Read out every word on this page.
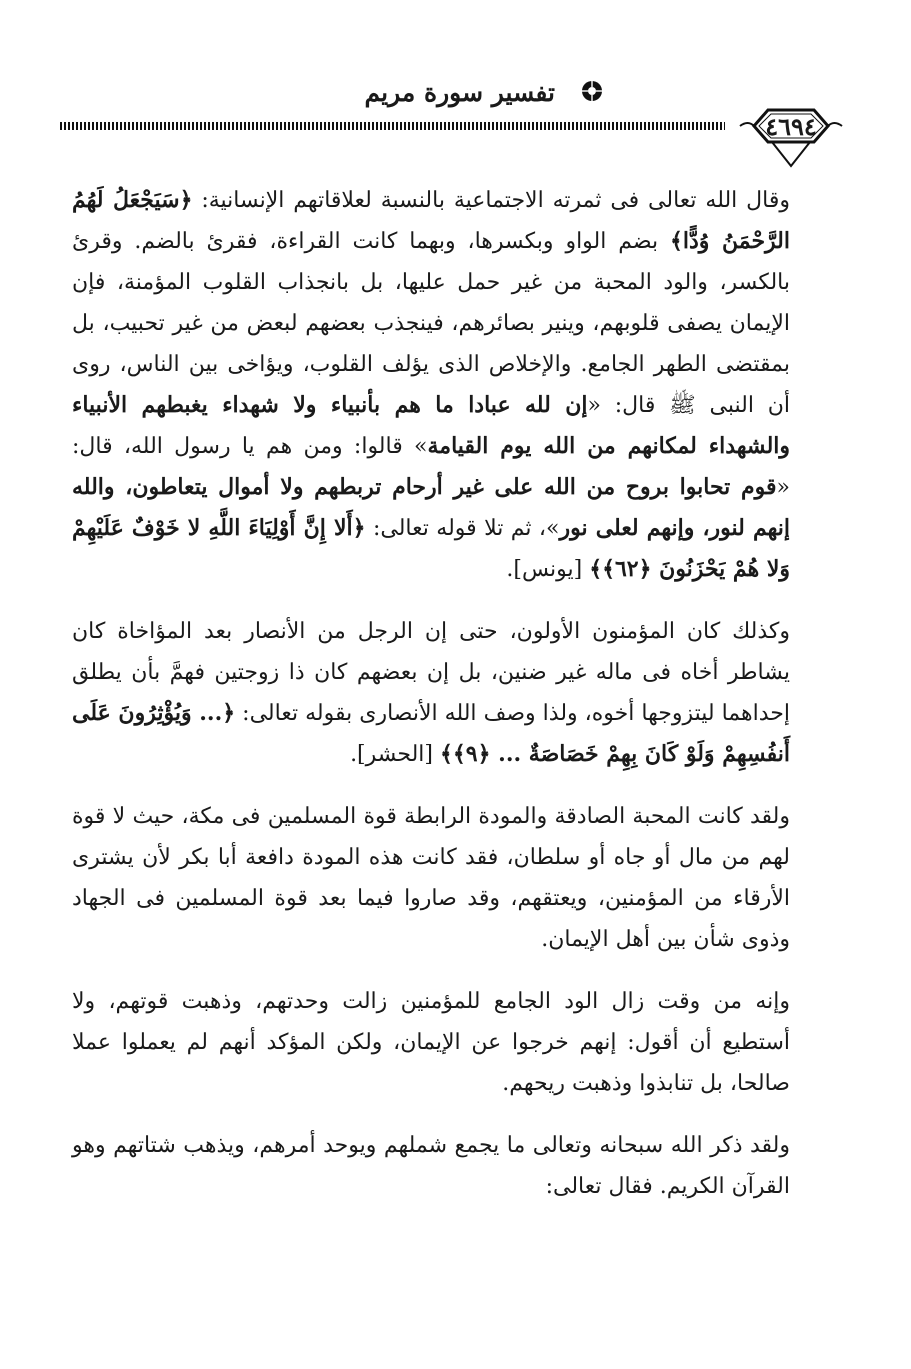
تفسير سورة مريم
٤٦٩٤

وقال الله تعالى فى ثمرته الاجتماعية بالنسبة لعلاقاتهم الإنسانية: ﴿سَيَجْعَلُ لَهُمُ الرَّحْمَنُ وُدًّا﴾ بضم الواو وبكسرها، وبهما كانت القراءة، فقرئ بالضم. وقرئ بالكسر، والود المحبة من غير حمل عليها، بل بانجذاب القلوب المؤمنة، فإن الإيمان يصفى قلوبهم، وينير بصائرهم، فينجذب بعضهم لبعض من غير تحبيب، بل بمقتضى الطهر الجامع. والإخلاص الذى يؤلف القلوب، ويؤاخى بين الناس، روى أن النبى ﷺ قال: «إن لله عبادا ما هم بأنبياء ولا شهداء يغبطهم الأنبياء والشهداء لمكانهم من الله يوم القيامة» قالوا: ومن هم يا رسول الله، قال: «قوم تحابوا بروح من الله على غير أرحام تربطهم ولا أموال يتعاطون، والله إنهم لنور، وإنهم لعلى نور»، ثم تلا قوله تعالى: ﴿أَلا إِنَّ أَوْلِيَاءَ اللَّهِ لا خَوْفٌ عَلَيْهِمْ وَلا هُمْ يَحْزَنُونَ ﴿٦٢﴾﴾ [يونس].

وكذلك كان المؤمنون الأولون، حتى إن الرجل من الأنصار بعد المؤاخاة كان يشاطر أخاه فى ماله غير ضنين، بل إن بعضهم كان ذا زوجتين فهمَّ بأن يطلق إحداهما ليتزوجها أخوه، ولذا وصف الله الأنصارى بقوله تعالى: ﴿... وَيُؤْثِرُونَ عَلَى أَنفُسِهِمْ وَلَوْ كَانَ بِهِمْ خَصَاصَةٌ ... ﴿٩﴾﴾ [الحشر].

ولقد كانت المحبة الصادقة والمودة الرابطة قوة المسلمين فى مكة، حيث لا قوة لهم من مال أو جاه أو سلطان، فقد كانت هذه المودة دافعة أبا بكر لأن يشترى الأرقاء من المؤمنين، ويعتقهم، وقد صاروا فيما بعد قوة المسلمين فى الجهاد وذوى شأن بين أهل الإيمان.

وإنه من وقت زال الود الجامع للمؤمنين زالت وحدتهم، وذهبت قوتهم، ولا أستطيع أن أقول: إنهم خرجوا عن الإيمان، ولكن المؤكد أنهم لم يعملوا عملا صالحا، بل تنابذوا وذهبت ريحهم.

ولقد ذكر الله سبحانه وتعالى ما يجمع شملهم ويوحد أمرهم، ويذهب شتاتهم وهو القرآن الكريم. فقال تعالى:
